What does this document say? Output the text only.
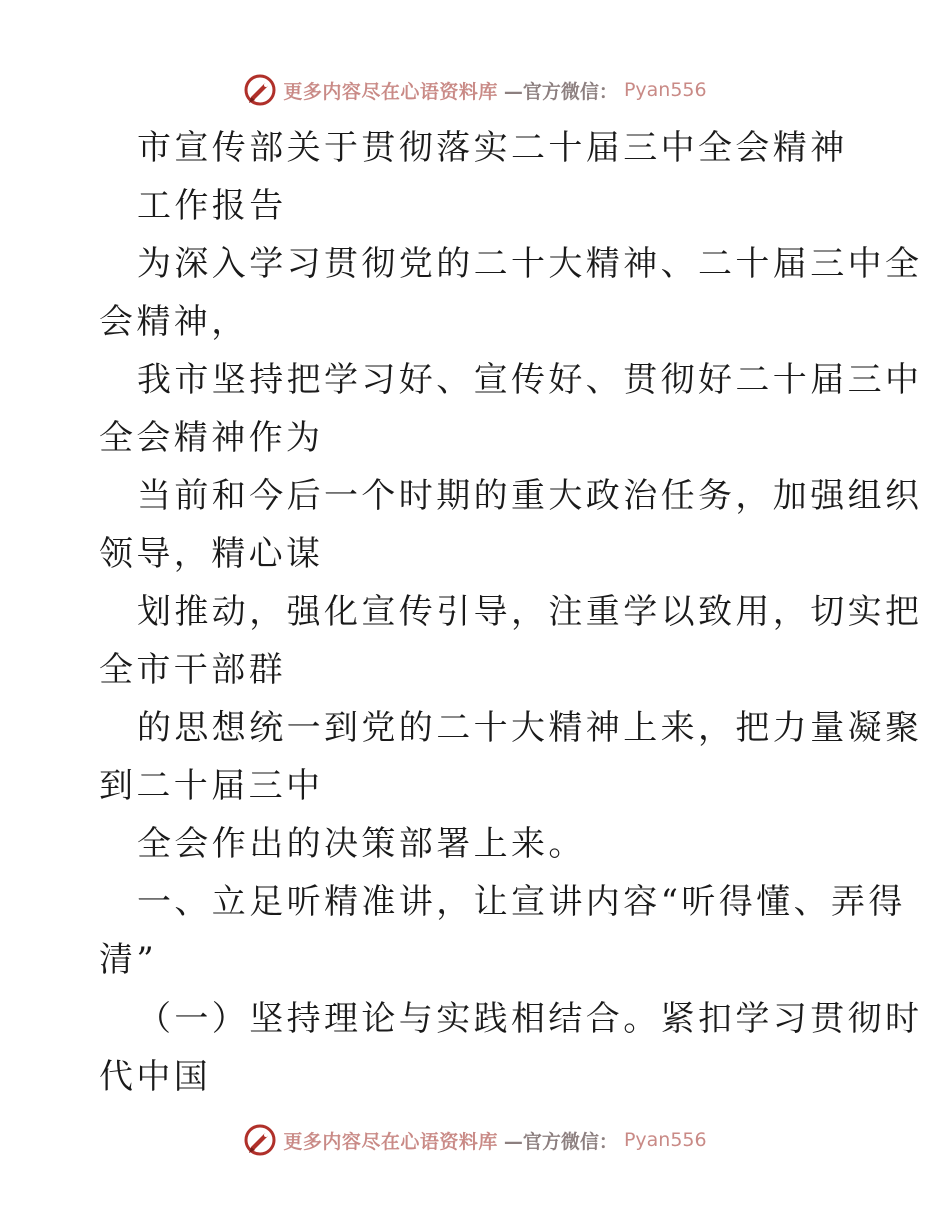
更多内容尽在心语资料库 —官方微信： Pyan556
市宣传部关于贯彻落实二十届三中全会精神
工作报告
为深入学习贯彻党的二十大精神、二十届三中全
会精神，
我市坚持把学习好、宣传好、贯彻好二十届三中
全会精神作为
当前和今后一个时期的重大政治任务，加强组织
领导，精心谋
划推动，强化宣传引导，注重学以致用，切实把
全市干部群
的思想统一到党的二十大精神上来，把力量凝聚
到二十届三中
全会作出的决策部署上来。
一、立足听精准讲，让宣讲内容“听得懂、弄得
清”
（一）坚持理论与实践相结合。紧扣学习贯彻时
代中国
更多内容尽在心语资料库 —官方微信： Pyan556
